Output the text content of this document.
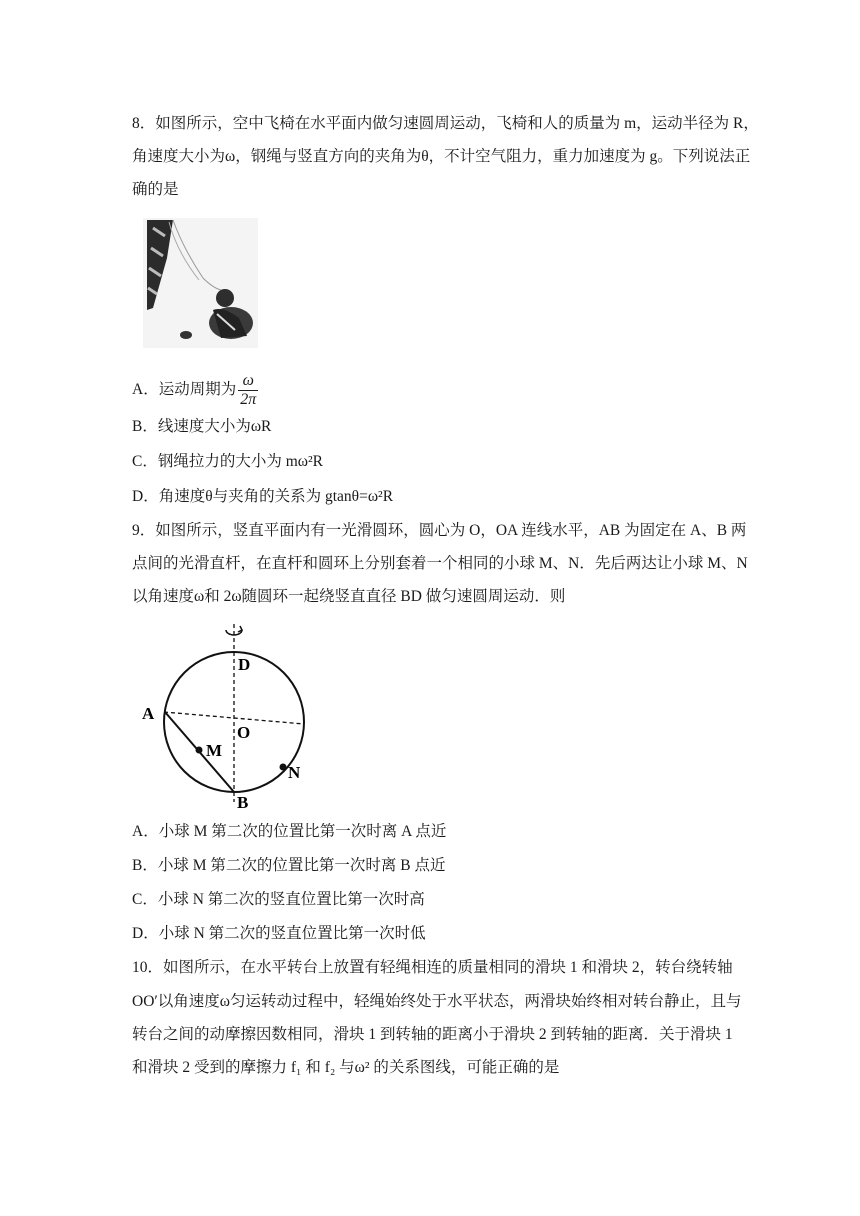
8．如图所示，空中飞椅在水平面内做匀速圆周运动，飞椅和人的质量为 m，运动半径为 R，
角速度大小为ω，钢绳与竖直方向的夹角为θ，不计空气阻力，重力加速度为 g。下列说法正
确的是
A．运动周期为 $\frac{\omega}{2\pi}$
B．线速度大小为ωR
C．钢绳拉力的大小为 mω²R
D．角速度θ与夹角的关系为 gtanθ=ω²R
9．如图所示，竖直平面内有一光滑圆环，圆心为 O，OA 连线水平，AB 为固定在 A、B 两
点间的光滑直杆，在直杆和圆环上分别套着一个相同的小球 M、N．先后两达让小球 M、N
以角速度ω和 2ω随圆环一起绕竖直直径 BD 做匀速圆周运动．则
D
A
O
M
N
B
A．小球 M 第二次的位置比第一次时离 A 点近
B．小球 M 第二次的位置比第一次时离 B 点近
C．小球 N 第二次的竖直位置比第一次时高
D．小球 N 第二次的竖直位置比第一次时低
10．如图所示，在水平转台上放置有轻绳相连的质量相同的滑块 1 和滑块 2，转台绕转轴
OO′以角速度ω匀运转动过程中，轻绳始终处于水平状态，两滑块始终相对转台静止，且与
转台之间的动摩擦因数相同，滑块 1 到转轴的距离小于滑块 2 到转轴的距离．关于滑块 1
和滑块 2 受到的摩擦力 f₁ 和 f₂ 与ω² 的关系图线，可能正确的是
